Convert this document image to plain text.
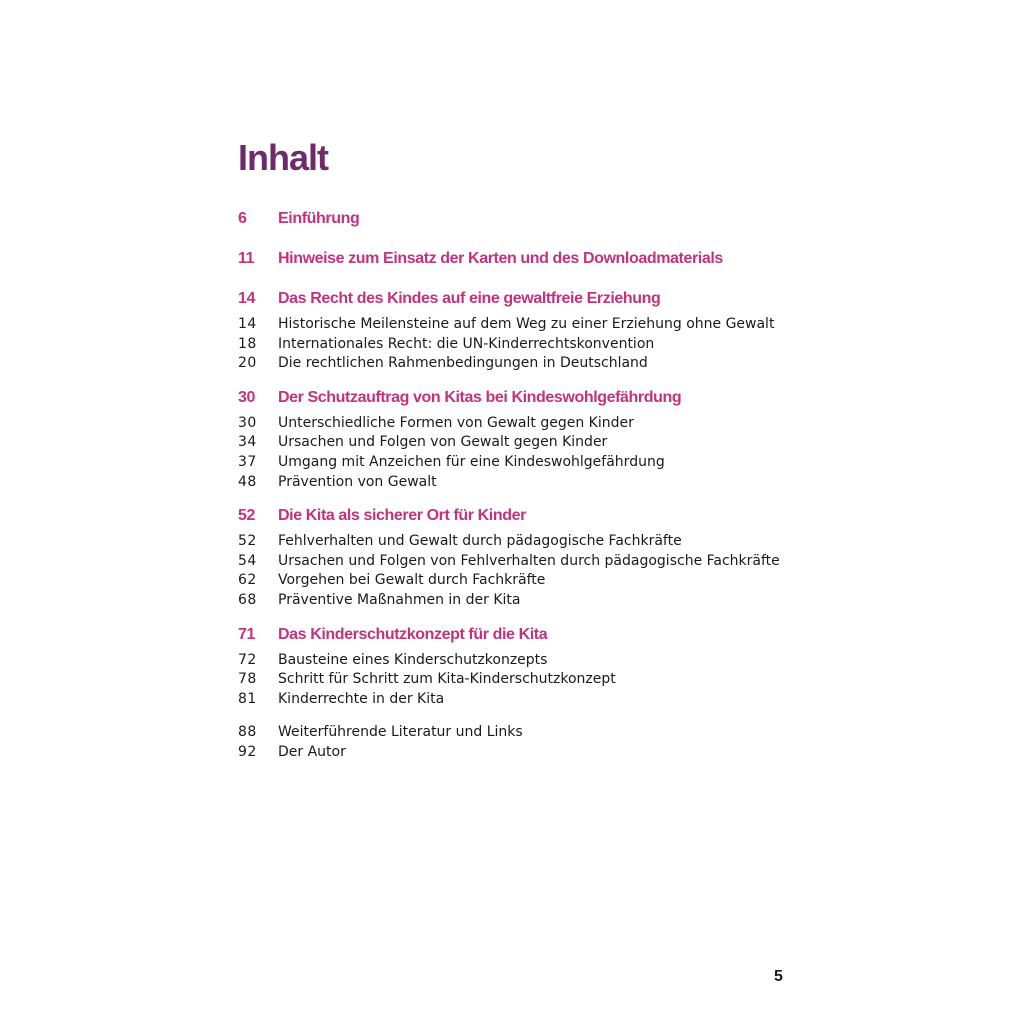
Inhalt
6	Einführung
11	Hinweise zum Einsatz der Karten und des Downloadmaterials
14	Das Recht des Kindes auf eine gewaltfreie Erziehung
14	Historische Meilensteine auf dem Weg zu einer Erziehung ohne Gewalt
18	Internationales Recht: die UN-Kinderrechtskonvention
20	Die rechtlichen Rahmenbedingungen in Deutschland
30	Der Schutzauftrag von Kitas bei Kindeswohlgefährdung
30	Unterschiedliche Formen von Gewalt gegen Kinder
34	Ursachen und Folgen von Gewalt gegen Kinder
37	Umgang mit Anzeichen für eine Kindeswohlgefährdung
48	Prävention von Gewalt
52	Die Kita als sicherer Ort für Kinder
52	Fehlverhalten und Gewalt durch pädagogische Fachkräfte
54	Ursachen und Folgen von Fehlverhalten durch pädagogische Fachkräfte
62	Vorgehen bei Gewalt durch Fachkräfte
68	Präventive Maßnahmen in der Kita
71	Das Kinderschutzkonzept für die Kita
72	Bausteine eines Kinderschutzkonzepts
78	Schritt für Schritt zum Kita-Kinderschutzkonzept
81	Kinderrechte in der Kita
88	Weiterführende Literatur und Links
92	Der Autor
5
